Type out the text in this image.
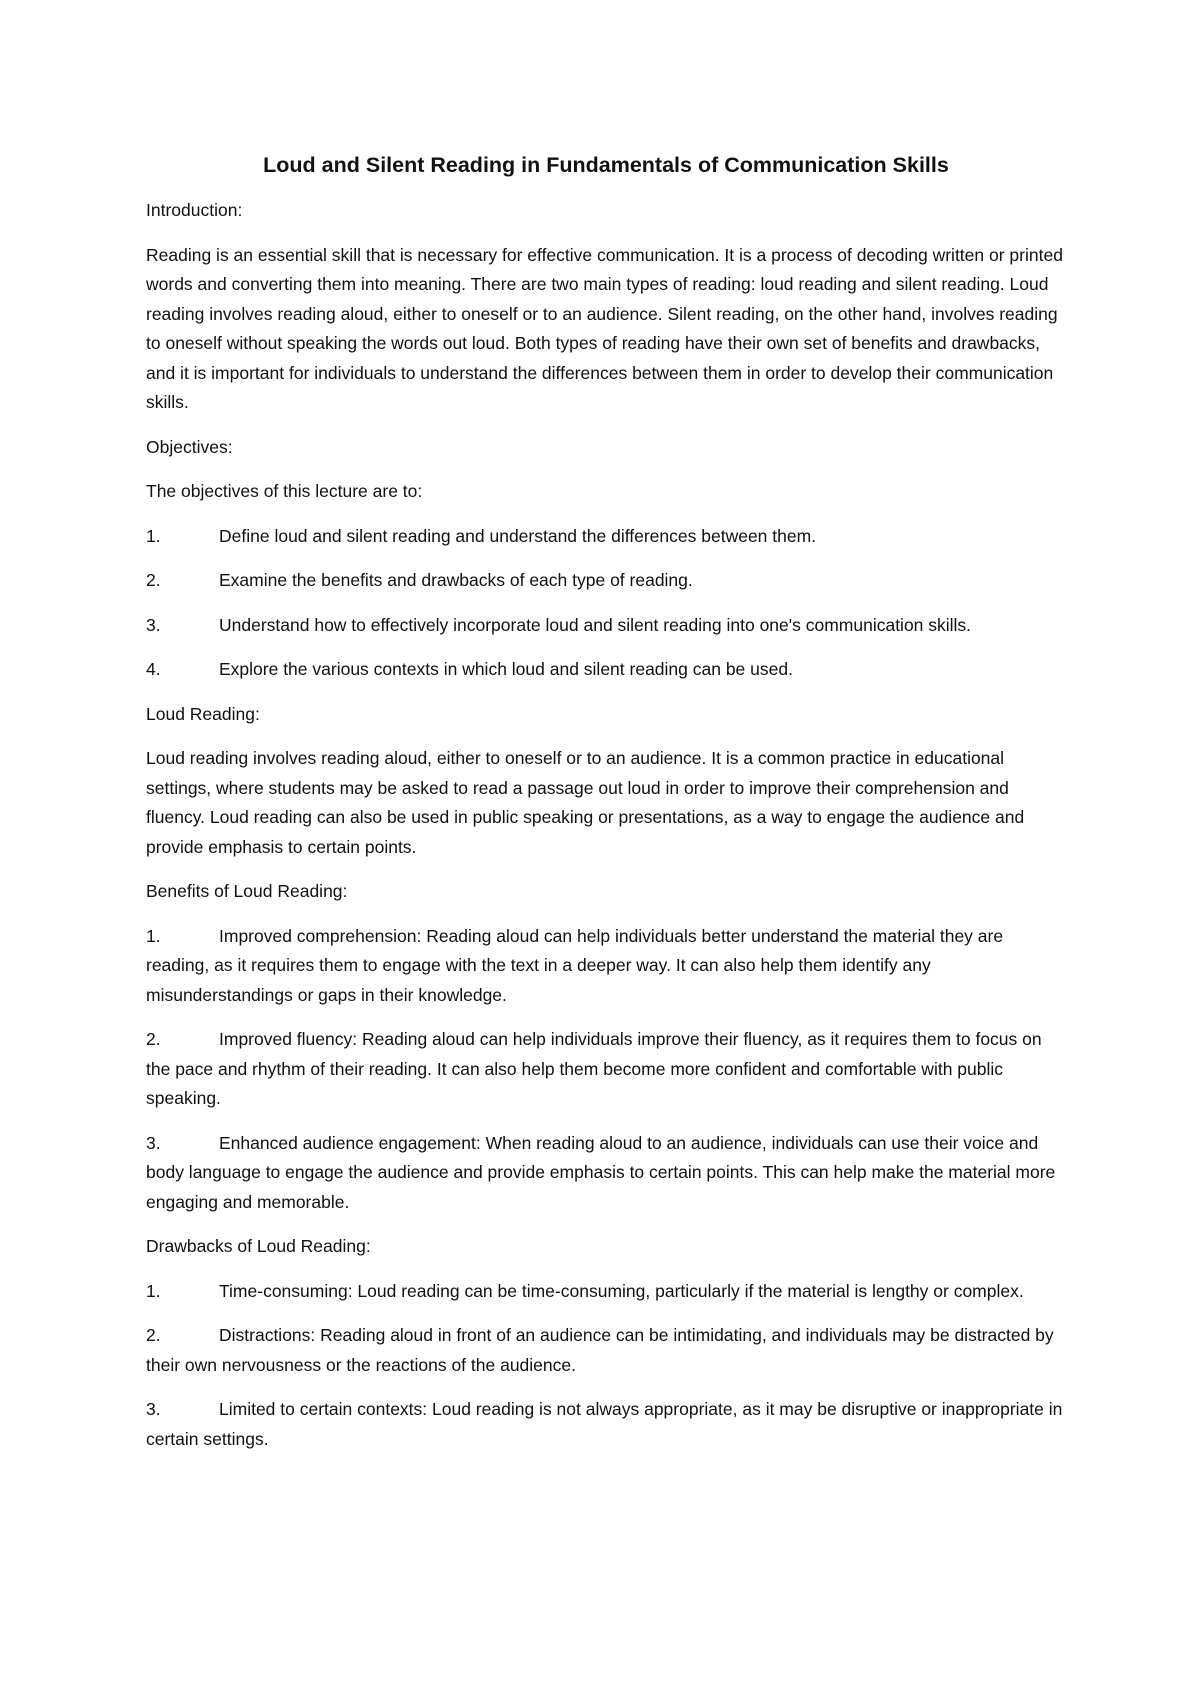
Loud and Silent Reading in Fundamentals of Communication Skills

Introduction:

Reading is an essential skill that is necessary for effective communication. It is a process of decoding written or printed words and converting them into meaning. There are two main types of reading: loud reading and silent reading. Loud reading involves reading aloud, either to oneself or to an audience. Silent reading, on the other hand, involves reading to oneself without speaking the words out loud. Both types of reading have their own set of benefits and drawbacks, and it is important for individuals to understand the differences between them in order to develop their communication skills.

Objectives:

The objectives of this lecture are to:

1.	Define loud and silent reading and understand the differences between them.

2.	Examine the benefits and drawbacks of each type of reading.

3.	Understand how to effectively incorporate loud and silent reading into one's communication skills.

4.	Explore the various contexts in which loud and silent reading can be used.

Loud Reading:

Loud reading involves reading aloud, either to oneself or to an audience. It is a common practice in educational settings, where students may be asked to read a passage out loud in order to improve their comprehension and fluency. Loud reading can also be used in public speaking or presentations, as a way to engage the audience and provide emphasis to certain points.

Benefits of Loud Reading:

1.	Improved comprehension: Reading aloud can help individuals better understand the material they are reading, as it requires them to engage with the text in a deeper way. It can also help them identify any misunderstandings or gaps in their knowledge.

2.	Improved fluency: Reading aloud can help individuals improve their fluency, as it requires them to focus on the pace and rhythm of their reading. It can also help them become more confident and comfortable with public speaking.

3.	Enhanced audience engagement: When reading aloud to an audience, individuals can use their voice and body language to engage the audience and provide emphasis to certain points. This can help make the material more engaging and memorable.

Drawbacks of Loud Reading:

1.	Time-consuming: Loud reading can be time-consuming, particularly if the material is lengthy or complex.

2.	Distractions: Reading aloud in front of an audience can be intimidating, and individuals may be distracted by their own nervousness or the reactions of the audience.

3.	Limited to certain contexts: Loud reading is not always appropriate, as it may be disruptive or inappropriate in certain settings.
